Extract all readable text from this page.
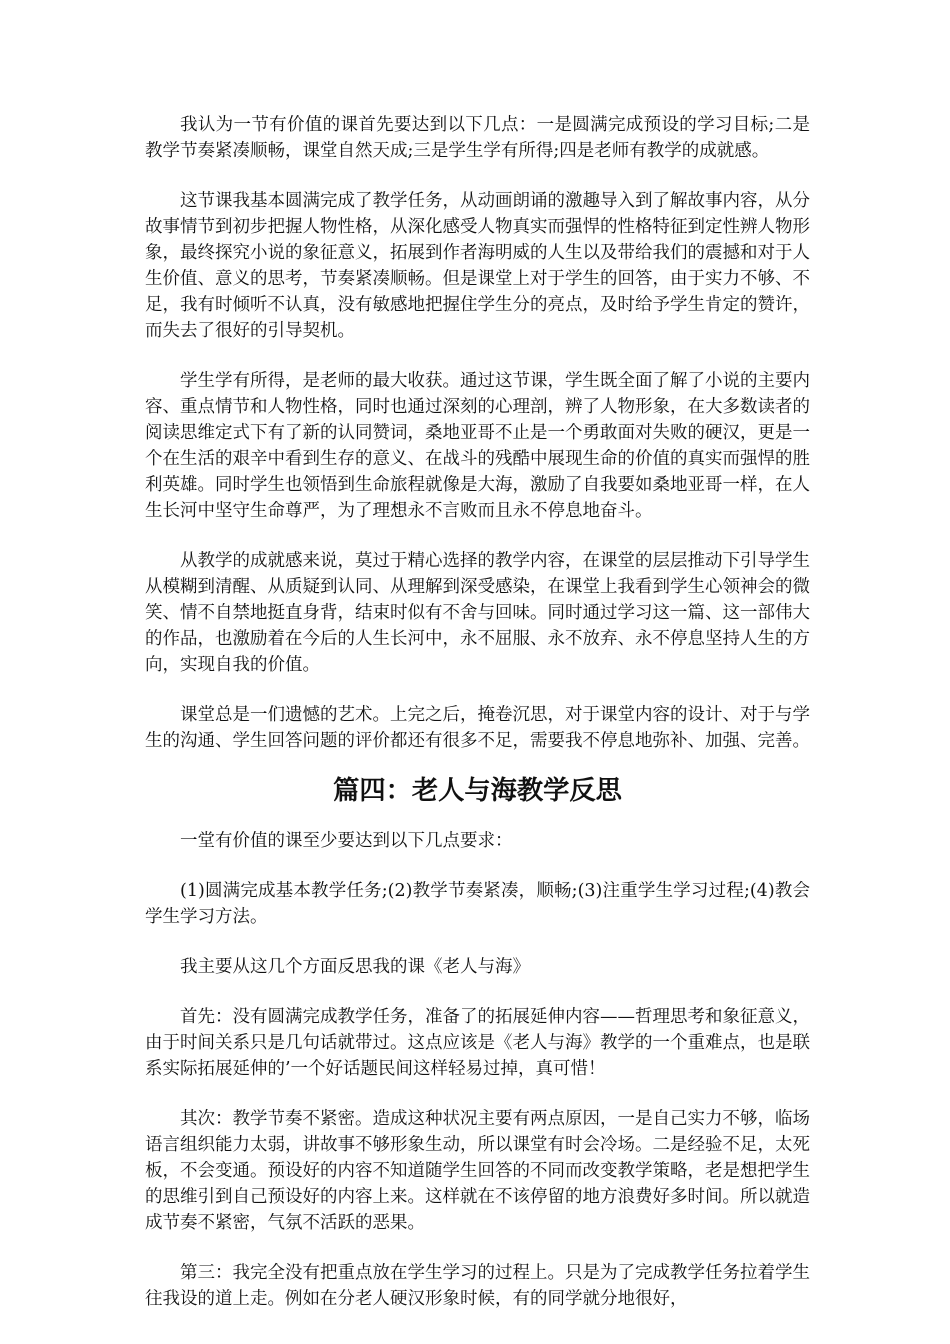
我认为一节有价值的课首先要达到以下几点：一是圆满完成预设的学习目标;二是教学节奏紧凑顺畅，课堂自然天成;三是学生学有所得;四是老师有教学的成就感。

这节课我基本圆满完成了教学任务，从动画朗诵的激趣导入到了解故事内容，从分故事情节到初步把握人物性格，从深化感受人物真实而强悍的性格特征到定性辨人物形象，最终探究小说的象征意义，拓展到作者海明威的人生以及带给我们的震撼和对于人生价值、意义的思考，节奏紧凑顺畅。但是课堂上对于学生的回答，由于实力不够、不足，我有时倾听不认真，没有敏感地把握住学生分的亮点，及时给予学生肯定的赞许，而失去了很好的引导契机。

学生学有所得，是老师的最大收获。通过这节课，学生既全面了解了小说的主要内容、重点情节和人物性格，同时也通过深刻的心理剖，辨了人物形象，在大多数读者的阅读思维定式下有了新的认同赞词，桑地亚哥不止是一个勇敢面对失败的硬汉，更是一个在生活的艰辛中看到生存的意义、在战斗的残酷中展现生命的价值的真实而强悍的胜利英雄。同时学生也领悟到生命旅程就像是大海，激励了自我要如桑地亚哥一样，在人生长河中坚守生命尊严，为了理想永不言败而且永不停息地奋斗。

从教学的成就感来说，莫过于精心选择的教学内容，在课堂的层层推动下引导学生从模糊到清醒、从质疑到认同、从理解到深受感染，在课堂上我看到学生心领神会的微笑、情不自禁地挺直身背，结束时似有不舍与回味。同时通过学习这一篇、这一部伟大的作品，也激励着在今后的人生长河中，永不屈服、永不放弃、永不停息坚持人生的方向，实现自我的价值。

课堂总是一们遗憾的艺术。上完之后，掩卷沉思，对于课堂内容的设计、对于与学生的沟通、学生回答问题的评价都还有很多不足，需要我不停息地弥补、加强、完善。

篇四：老人与海教学反思

一堂有价值的课至少要达到以下几点要求：

(1)圆满完成基本教学任务;(2)教学节奏紧凑，顺畅;(3)注重学生学习过程;(4)教会学生学习方法。

我主要从这几个方面反思我的课《老人与海》

首先：没有圆满完成教学任务，准备了的拓展延伸内容——哲理思考和象征意义，由于时间关系只是几句话就带过。这点应该是《老人与海》教学的一个重难点，也是联系实际拓展延伸的’一个好话题民间这样轻易过掉，真可惜！

其次：教学节奏不紧密。造成这种状况主要有两点原因，一是自己实力不够，临场语言组织能力太弱，讲故事不够形象生动，所以课堂有时会冷场。二是经验不足，太死板，不会变通。预设好的内容不知道随学生回答的不同而改变教学策略，老是想把学生的思维引到自己预设好的内容上来。这样就在不该停留的地方浪费好多时间。所以就造成节奏不紧密，气氛不活跃的恶果。

第三：我完全没有把重点放在学生学习的过程上。只是为了完成教学任务拉着学生往我设的道上走。例如在分老人硬汉形象时候，有的同学就分地很好，
